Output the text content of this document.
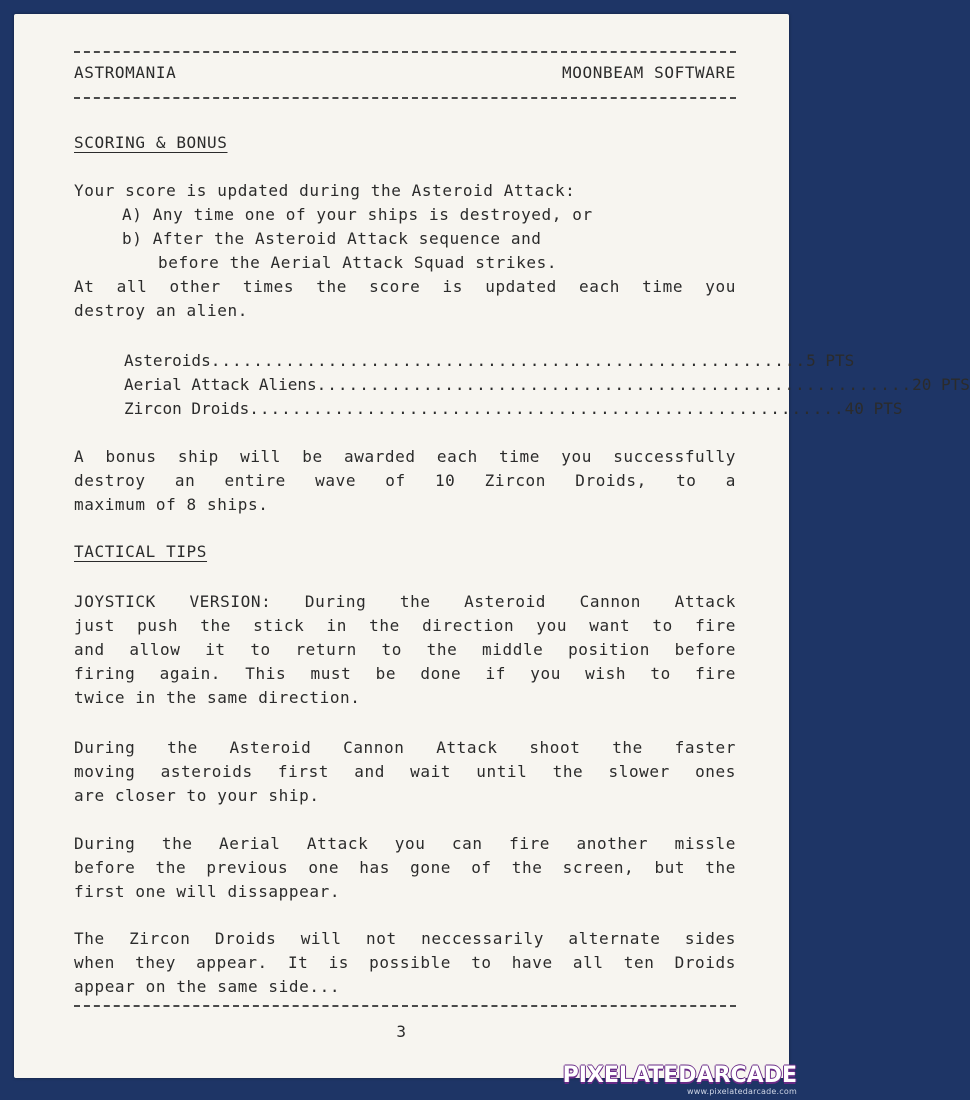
ASTROMANIA	MOONBEAM SOFTWARE
SCORING & BONUS
Your score is updated during the Asteroid Attack:
A) Any time one of your ships is destroyed, or
b) After the Asteroid Attack sequence and
before the Aerial Attack Squad strikes.
At all other times the score is updated each time you
destroy an alien.
Asteroids ........................................................ 5 PTS
Aerial Attack Aliens ........................................................ 20 PTS
Zircon Droids ........................................................ 40 PTS
A bonus ship will be awarded each time you successfully
destroy an entire wave of 10 Zircon Droids, to a
maximum of 8 ships.
TACTICAL TIPS
JOYSTICK VERSION: During the Asteroid Cannon Attack
just push the stick in the direction you want to fire
and allow it to return to the middle position before
firing again. This must be done if you wish to fire
twice in the same direction.
During the Asteroid Cannon Attack shoot the faster
moving asteroids first and wait until the slower ones
are closer to your ship.
During the Aerial Attack you can fire another missle
before the previous one has gone of the screen, but the
first one will dissappear.
The Zircon Droids will not neccessarily alternate sides
when they appear. It is possible to have all ten Droids
appear on the same side...
3
PIXELATEDARCADE
www.pixelatedarcade.com
